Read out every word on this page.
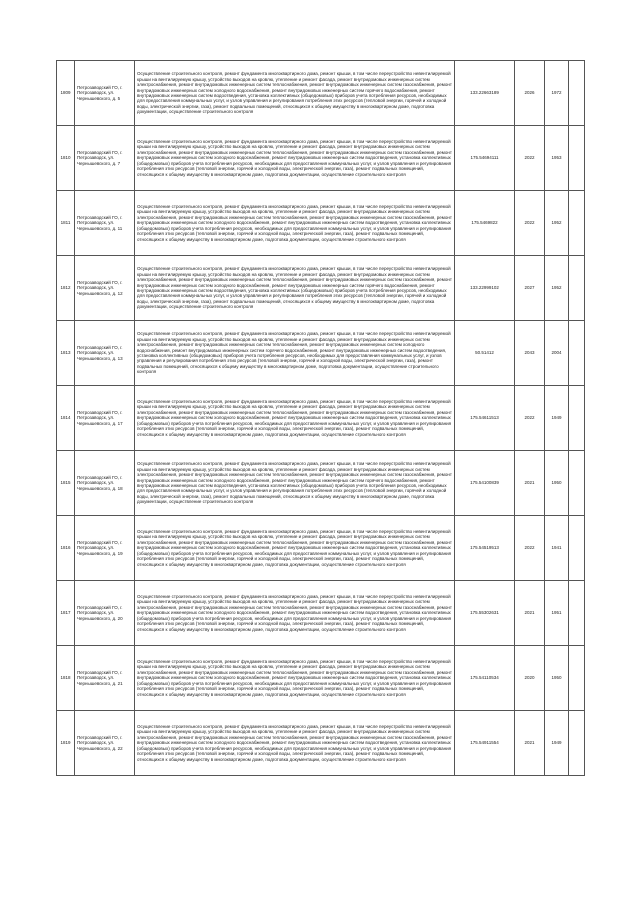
1809	Петрозаводский ГО, г. Петрозаводск, ул. Чернышевского, д. 5	Осуществление строительного контроля, ремонт фундамента многоквартирного дома, ремонт крыши, в том числе переустройство невентилируемой крыши на вентилируемую крышу, устройство выходов на кровлю, утепление и ремонт фасада, ремонт внутридомовых инженерных систем электроснабжения, ремонт внутридомовых инженерных систем теплоснабжения, ремонт внутридомовых инженерных систем газоснабжения, ремонт внутридомовых инженерных систем холодного водоснабжения, ремонт внутридомовых инженерных систем горячего водоснабжения, ремонт внутридомовых инженерных систем водоотведения, установка коллективных (общедомовых) приборов учета потребления ресурсов, необходимых для предоставления коммунальных услуг, и узлов управления и регулирования потребления этих ресурсов (тепловой энергии, горячей и холодной воды, электрической энергии, газа), ремонт подвальных помещений, относящихся к общему имуществу в многоквартирном доме, подготовка документации, осуществление строительного контроля	133.22663189	2026	1972	
1810	Петрозаводский ГО, г. Петрозаводск, ул. Чернышевского, д. 7	Осуществление строительного контроля, ремонт фундамента многоквартирного дома, ремонт крыши, в том числе переустройство невентилируемой крыши на вентилируемую крышу, устройство выходов на кровлю, утепление и ремонт фасада, ремонт внутридомовых инженерных систем электроснабжения, ремонт внутридомовых инженерных систем теплоснабжения, ремонт внутридомовых инженерных систем газоснабжения, ремонт внутридомовых инженерных систем холодного водоснабжения, ремонт внутридомовых инженерных систем водоотведения, установка коллективных (общедомовых) приборов учета потребления ресурсов, необходимых для предоставления коммунальных услуг, и узлов управления и регулирования потребления этих ресурсов (тепловой энергии, горячей и холодной воды, электрической энергии, газа), ремонт подвальных помещений, относящихся к общему имуществу в многоквартирном доме, подготовка документации, осуществление строительного контроля	175.54694111	2022	1953	
1811	Петрозаводский ГО, г. Петрозаводск, ул. Чернышевского, д. 11	Осуществление строительного контроля, ремонт фундамента многоквартирного дома, ремонт крыши, в том числе переустройство невентилируемой крыши на вентилируемую крышу, устройство выходов на кровлю, утепление и ремонт фасада, ремонт внутридомовых инженерных систем электроснабжения, ремонт внутридомовых инженерных систем теплоснабжения, ремонт внутридомовых инженерных систем газоснабжения, ремонт внутридомовых инженерных систем холодного водоснабжения, ремонт внутридомовых инженерных систем водоотведения, установка коллективных (общедомовых) приборов учета потребления ресурсов, необходимых для предоставления коммунальных услуг, и узлов управления и регулирования потребления этих ресурсов (тепловой энергии, горячей и холодной воды, электрической энергии, газа), ремонт подвальных помещений, относящихся к общему имуществу в многоквартирном доме, подготовка документации, осуществление строительного контроля	175.5469822	2022	1952	
1812	Петрозаводский ГО, г. Петрозаводск, ул. Чернышевского, д. 12	Осуществление строительного контроля, ремонт фундамента многоквартирного дома, ремонт крыши, в том числе переустройство невентилируемой крыши на вентилируемую крышу, устройство выходов на кровлю, утепление и ремонт фасада, ремонт внутридомовых инженерных систем электроснабжения, ремонт внутридомовых инженерных систем теплоснабжения, ремонт внутридомовых инженерных систем газоснабжения, ремонт внутридомовых инженерных систем холодного водоснабжения, ремонт внутридомовых инженерных систем горячего водоснабжения, ремонт внутридомовых инженерных систем водоотведения, установка коллективных (общедомовых) приборов учета потребления ресурсов, необходимых для предоставления коммунальных услуг, и узлов управления и регулирования потребления этих ресурсов (тепловой энергии, горячей и холодной воды, электрической энергии, газа), ремонт подвальных помещений, относящихся к общему имуществу в многоквартирном доме, подготовка документации, осуществление строительного контроля	133.22999102	2027	1952	
1813	Петрозаводский ГО, г. Петрозаводск, ул. Чернышевского, д. 13	Осуществление строительного контроля, ремонт фундамента многоквартирного дома, ремонт крыши, в том числе переустройство невентилируемой крыши на вентилируемую крышу, устройство выходов на кровлю, утепление и ремонт фасада, ремонт внутридомовых инженерных систем электроснабжения, ремонт внутридомовых инженерных систем теплоснабжения, ремонт внутридомовых инженерных систем холодного водоснабжения, ремонт внутридомовых инженерных систем горячего водоснабжения, ремонт внутридомовых инженерных систем водоотведения, установка коллективных (общедомовых) приборов учета потребления ресурсов, необходимых для предоставления коммунальных услуг, и узлов управления и регулирования потребления этих ресурсов (тепловой энергии, горячей и холодной воды, электрической энергии, газа), ремонт подвальных помещений, относящихся к общему имуществу в многоквартирном доме, подготовка документации, осуществление строительного контроля	50.51412	2043	2004	
1814	Петрозаводский ГО, г. Петрозаводск, ул. Чернышевского, д. 17	Осуществление строительного контроля, ремонт фундамента многоквартирного дома, ремонт крыши, в том числе переустройство невентилируемой крыши на вентилируемую крышу, устройство выходов на кровлю, утепление и ремонт фасада, ремонт внутридомовых инженерных систем электроснабжения, ремонт внутридомовых инженерных систем теплоснабжения, ремонт внутридомовых инженерных систем газоснабжения, ремонт внутридомовых инженерных систем холодного водоснабжения, ремонт внутридомовых инженерных систем водоотведения, установка коллективных (общедомовых) приборов учета потребления ресурсов, необходимых для предоставления коммунальных услуг, и узлов управления и регулирования потребления этих ресурсов (тепловой энергии, горячей и холодной воды, электрической энергии, газа), ремонт подвальных помещений, относящихся к общему имуществу в многоквартирном доме, подготовка документации, осуществление строительного контроля	175.54611513	2022	1949	
1815	Петрозаводский ГО, г. Петрозаводск, ул. Чернышевского, д. 18	Осуществление строительного контроля, ремонт фундамента многоквартирного дома, ремонт крыши, в том числе переустройство невентилируемой крыши на вентилируемую крышу, устройство выходов на кровлю, утепление и ремонт фасада, ремонт внутридомовых инженерных систем электроснабжения, ремонт внутридомовых инженерных систем теплоснабжения, ремонт внутридомовых инженерных систем газоснабжения, ремонт внутридомовых инженерных систем холодного водоснабжения, ремонт внутридомовых инженерных систем горячего водоснабжения, ремонт внутридомовых инженерных систем водоотведения, установка коллективных (общедомовых) приборов учета потребления ресурсов, необходимых для предоставления коммунальных услуг, и узлов управления и регулирования потребления этих ресурсов (тепловой энергии, горячей и холодной воды, электрической энергии, газа), ремонт подвальных помещений, относящихся к общему имуществу в многоквартирном доме, подготовка документации, осуществление строительного контроля	175.54100839	2021	1950	
1816	Петрозаводский ГО, г. Петрозаводск, ул. Чернышевского, д. 19	Осуществление строительного контроля, ремонт фундамента многоквартирного дома, ремонт крыши, в том числе переустройство невентилируемой крыши на вентилируемую крышу, устройство выходов на кровлю, утепление и ремонт фасада, ремонт внутридомовых инженерных систем электроснабжения, ремонт внутридомовых инженерных систем теплоснабжения, ремонт внутридомовых инженерных систем газоснабжения, ремонт внутридомовых инженерных систем холодного водоснабжения, ремонт внутридомовых инженерных систем водоотведения, установка коллективных (общедомовых) приборов учета потребления ресурсов, необходимых для предоставления коммунальных услуг, и узлов управления и регулирования потребления этих ресурсов (тепловой энергии, горячей и холодной воды, электрической энергии, газа), ремонт подвальных помещений, относящихся к общему имуществу в многоквартирном доме, подготовка документации, осуществление строительного контроля	175.54519513	2022	1941	
1817	Петрозаводский ГО, г. Петрозаводск, ул. Чернышевского, д. 20	Осуществление строительного контроля, ремонт фундамента многоквартирного дома, ремонт крыши, в том числе переустройство невентилируемой крыши на вентилируемую крышу, устройство выходов на кровлю, утепление и ремонт фасада, ремонт внутридомовых инженерных систем электроснабжения, ремонт внутридомовых инженерных систем теплоснабжения, ремонт внутридомовых инженерных систем газоснабжения, ремонт внутридомовых инженерных систем холодного водоснабжения, ремонт внутридомовых инженерных систем водоотведения, установка коллективных (общедомовых) приборов учета потребления ресурсов, необходимых для предоставления коммунальных услуг, и узлов управления и регулирования потребления этих ресурсов (тепловой энергии, горячей и холодной воды, электрической энергии, газа), ремонт подвальных помещений, относящихся к общему имуществу в многоквартирном доме, подготовка документации, осуществление строительного контроля	175.55302631	2021	1951	
1818	Петрозаводский ГО, г. Петрозаводск, ул. Чернышевского, д. 21	Осуществление строительного контроля, ремонт фундамента многоквартирного дома, ремонт крыши, в том числе переустройство невентилируемой крыши на вентилируемую крышу, устройство выходов на кровлю, утепление и ремонт фасада, ремонт внутридомовых инженерных систем электроснабжения, ремонт внутридомовых инженерных систем теплоснабжения, ремонт внутридомовых инженерных систем газоснабжения, ремонт внутридомовых инженерных систем холодного водоснабжения, ремонт внутридомовых инженерных систем водоотведения, установка коллективных (общедомовых) приборов учета потребления ресурсов, необходимых для предоставления коммунальных услуг, и узлов управления и регулирования потребления этих ресурсов (тепловой энергии, горячей и холодной воды, электрической энергии, газа), ремонт подвальных помещений, относящихся к общему имуществу в многоквартирном доме, подготовка документации, осуществление строительного контроля	175.54110534	2020	1950	
1819	Петрозаводский ГО, г. Петрозаводск, ул. Чернышевского, д. 22	Осуществление строительного контроля, ремонт фундамента многоквартирного дома, ремонт крыши, в том числе переустройство невентилируемой крыши на вентилируемую крышу, устройство выходов на кровлю, утепление и ремонт фасада, ремонт внутридомовых инженерных систем электроснабжения, ремонт внутридомовых инженерных систем теплоснабжения, ремонт внутридомовых инженерных систем газоснабжения, ремонт внутридомовых инженерных систем холодного водоснабжения, ремонт внутридомовых инженерных систем водоотведения, установка коллективных (общедомовых) приборов учета потребления ресурсов, необходимых для предоставления коммунальных услуг, и узлов управления и регулирования потребления этих ресурсов (тепловой энергии, горячей и холодной воды, электрической энергии, газа), ремонт подвальных помещений, относящихся к общему имуществу в многоквартирном доме, подготовка документации, осуществление строительного контроля	175.54911554	2021	1949	
